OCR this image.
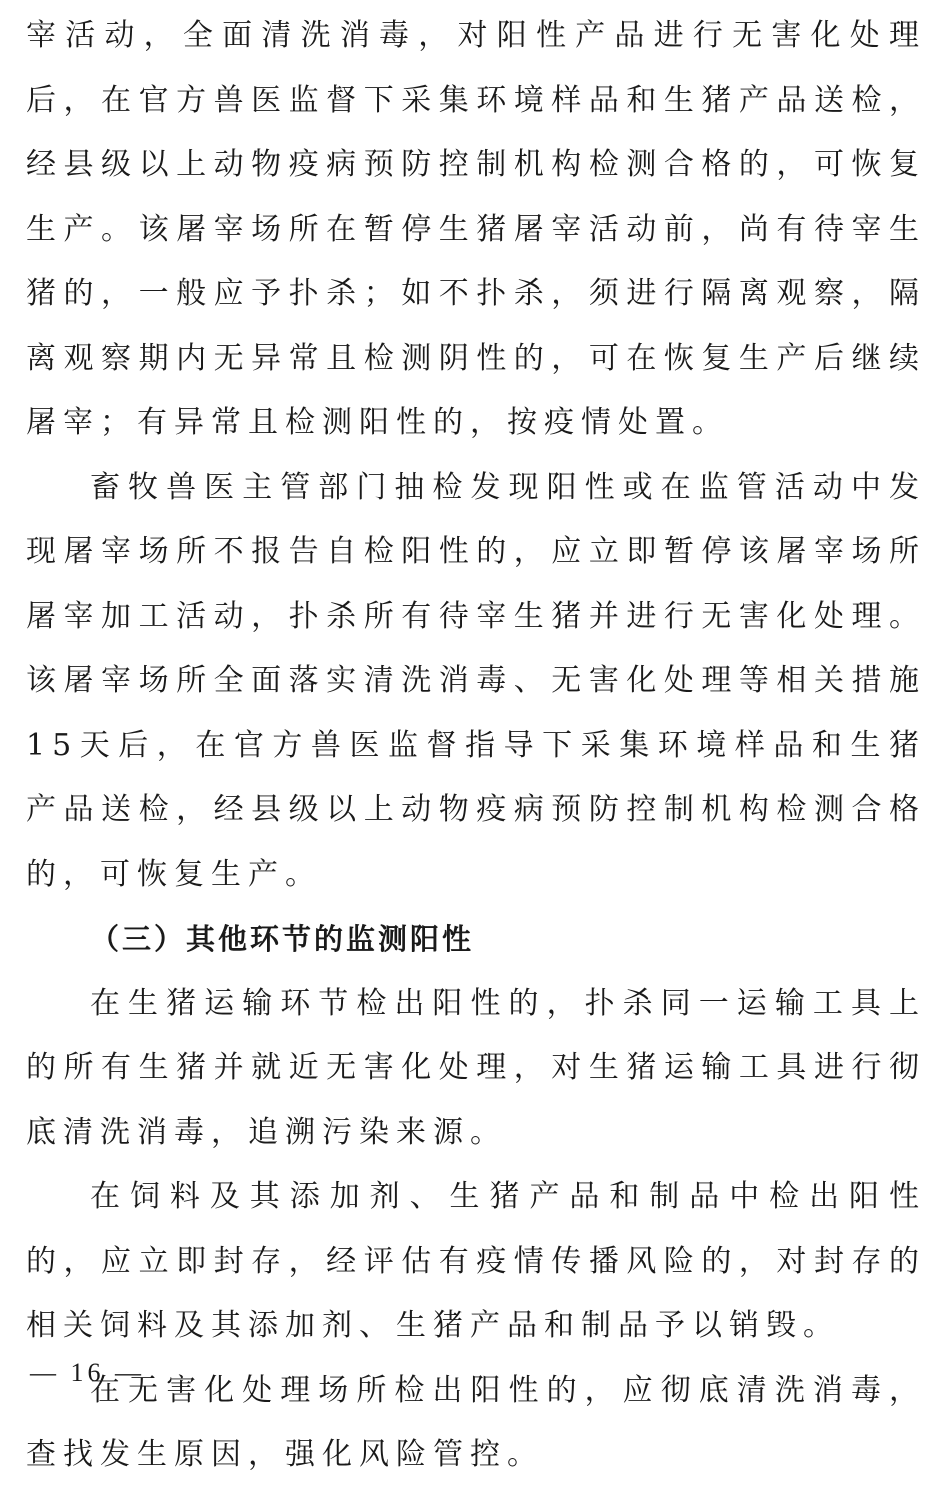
宰活动，全面清洗消毒，对阳性产品进行无害化处理后，在官方兽医监督下采集环境样品和生猪产品送检，经县级以上动物疫病预防控制机构检测合格的，可恢复生产。该屠宰场所在暂停生猪屠宰活动前，尚有待宰生猪的，一般应予扑杀；如不扑杀，须进行隔离观察，隔离观察期内无异常且检测阴性的，可在恢复生产后继续屠宰；有异常且检测阳性的，按疫情处置。

畜牧兽医主管部门抽检发现阳性或在监管活动中发现屠宰场所不报告自检阳性的，应立即暂停该屠宰场所屠宰加工活动，扑杀所有待宰生猪并进行无害化处理。该屠宰场所全面落实清洗消毒、无害化处理等相关措施15天后，在官方兽医监督指导下采集环境样品和生猪产品送检，经县级以上动物疫病预防控制机构检测合格的，可恢复生产。

（三）其他环节的监测阳性

在生猪运输环节检出阳性的，扑杀同一运输工具上的所有生猪并就近无害化处理，对生猪运输工具进行彻底清洗消毒，追溯污染来源。

在饲料及其添加剂、生猪产品和制品中检出阳性的，应立即封存，经评估有疫情传播风险的，对封存的相关饲料及其添加剂、生猪产品和制品予以销毁。

在无害化处理场所检出阳性的，应彻底清洗消毒，查找发生原因，强化风险管控。

— 16 —
